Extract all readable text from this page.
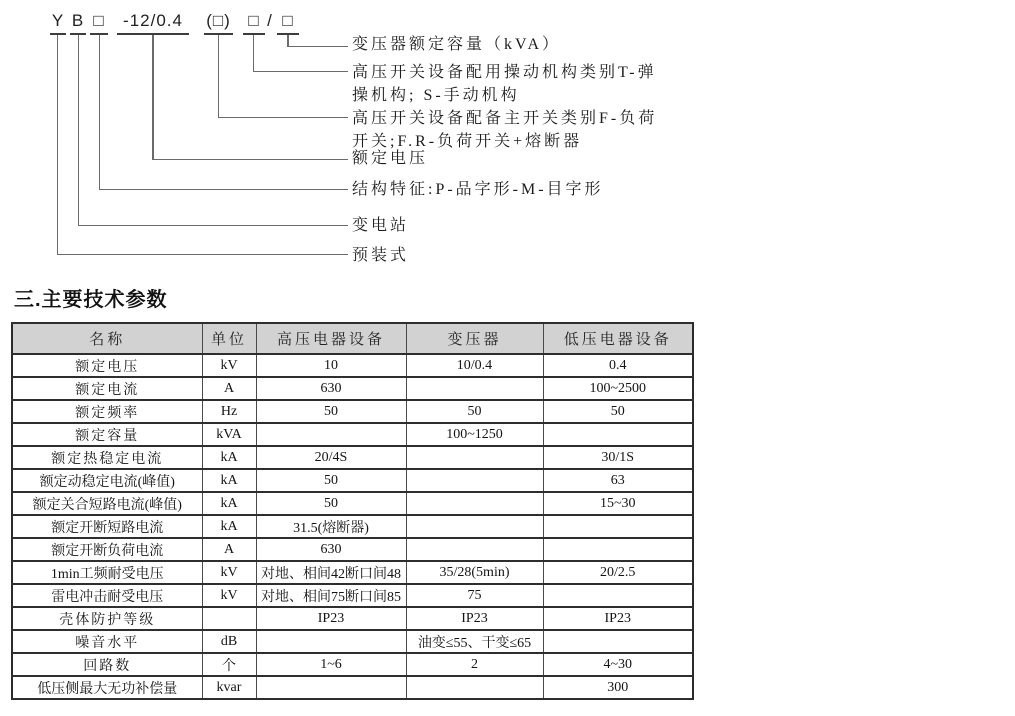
Y B □	-12/0.4	(□)	□ / □
变压器额定容量（kVA）
高压开关设备配用操动机构类别T-弹
操机构; S-手动机构
高压开关设备配备主开关类别F-负荷
开关;F.R-负荷开关+熔断器
额定电压
结构特征:P-品字形-M-目字形
变电站
预装式
三.主要技术参数
名称	单位	高压电器设备	变压器	低压电器设备
额定电压	kV	10	10/0.4	0.4
额定电流	A	630		100~2500
额定频率	Hz	50	50	50
额定容量	kVA		100~1250	
额定热稳定电流	kA	20/4S		30/1S
额定动稳定电流(峰值)	kA	50		63
额定关合短路电流(峰值)	kA	50		15~30
额定开断短路电流	kA	31.5(熔断器)		
额定开断负荷电流	A	630		
1min工频耐受电压	kV	对地、相间42断口间48	35/28(5min)	20/2.5
雷电冲击耐受电压	kV	对地、相间75断口间85	75	
壳体防护等级		IP23	IP23	IP23
噪音水平	dB		油变≤55、干变≤65	
回路数	个	1~6	2	4~30
低压侧最大无功补偿量	kvar			300
